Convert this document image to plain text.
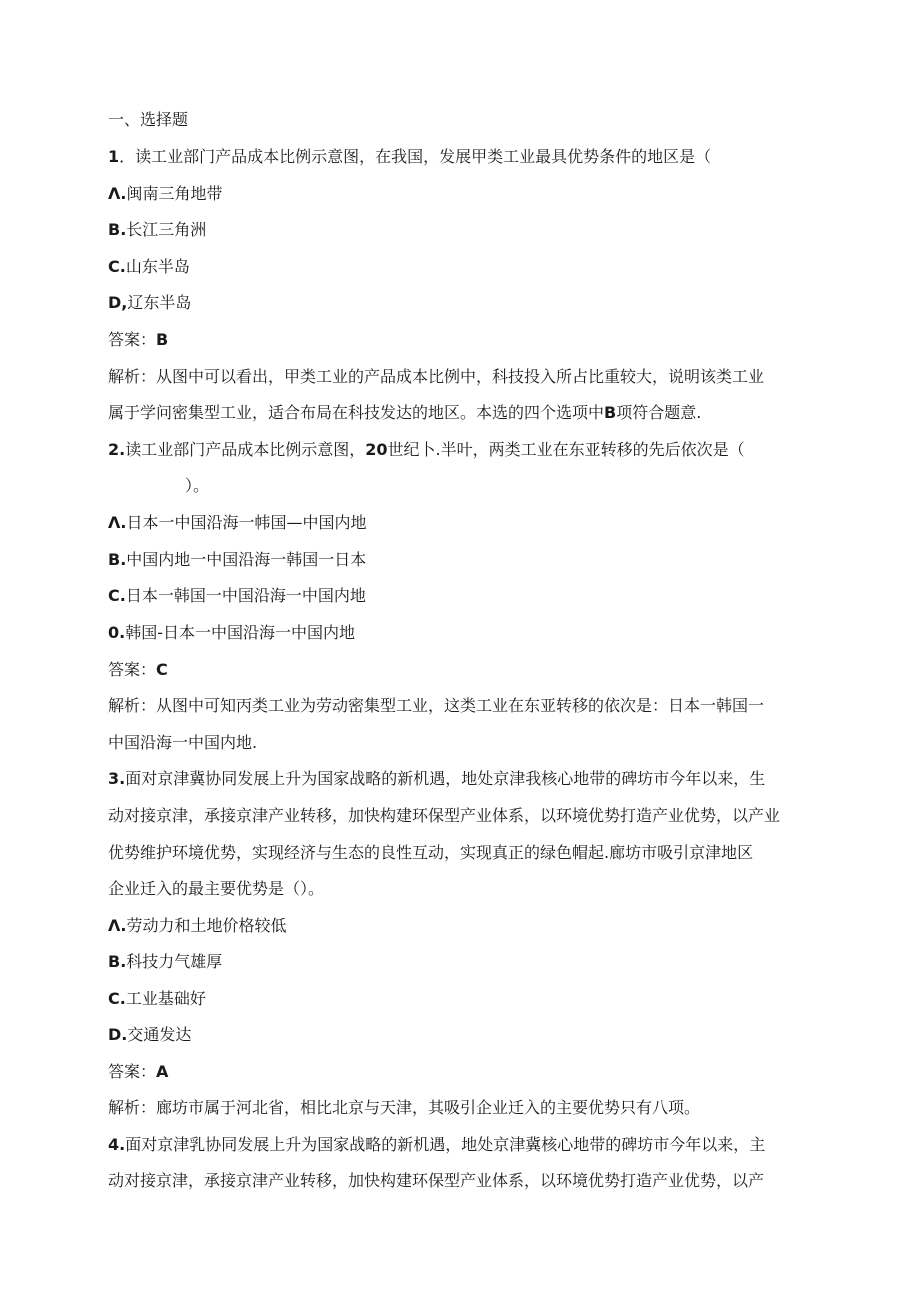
一、选择题
1．读工业部门产品成本比例示意图，在我国，发展甲类工业最具优势条件的地区是（
Λ.闽南三角地带
B.长江三角洲
C.山东半岛
D,辽东半岛
答案：B
解析：从图中可以看出，甲类工业的产品成本比例中，科技投入所占比重较大，说明该类工业
属于学问密集型工业，适合布局在科技发达的地区。本选的四个选项中B项符合题意.
2.读工业部门产品成本比例示意图，20世纪卜.半叶，两类工业在东亚转移的先后依次是（
）。
Λ.日本一中国沿海一帏国—中国内地
B.中国内地一中国沿海一韩国一日本
C.日本一韩国一中国沿海一中国内地
0.韩国-日本一中国沿海一中国内地
答案：C
解析：从图中可知丙类工业为劳动密集型工业，这类工业在东亚转移的依次是：日本一韩国一
中国沿海一中国内地.
3.面对京津冀协同发展上升为国家战略的新机遇，地处京津我核心地带的碑坊市今年以来，生
动对接京津，承接京津产业转移，加快构建环保型产业体系，以环境优势打造产业优势，以产业
优势维护环境优势，实现经济与生态的良性互动，实现真正的绿色帽起.廊坊市吸引京津地区
企业迁入的最主要优势是（）。
Λ.劳动力和土地价格较低
B.科技力气雄厚
C.工业基础好
D.交通发达
答案：A
解析：廊坊市属于河北省，相比北京与天津，其吸引企业迁入的主要优势只有八项。
4.面对京津乳协同发展上升为国家战略的新机遇，地处京津冀核心地带的碑坊市今年以来，主
动对接京津，承接京津产业转移，加快构建环保型产业体系，以环境优势打造产业优势，以产
